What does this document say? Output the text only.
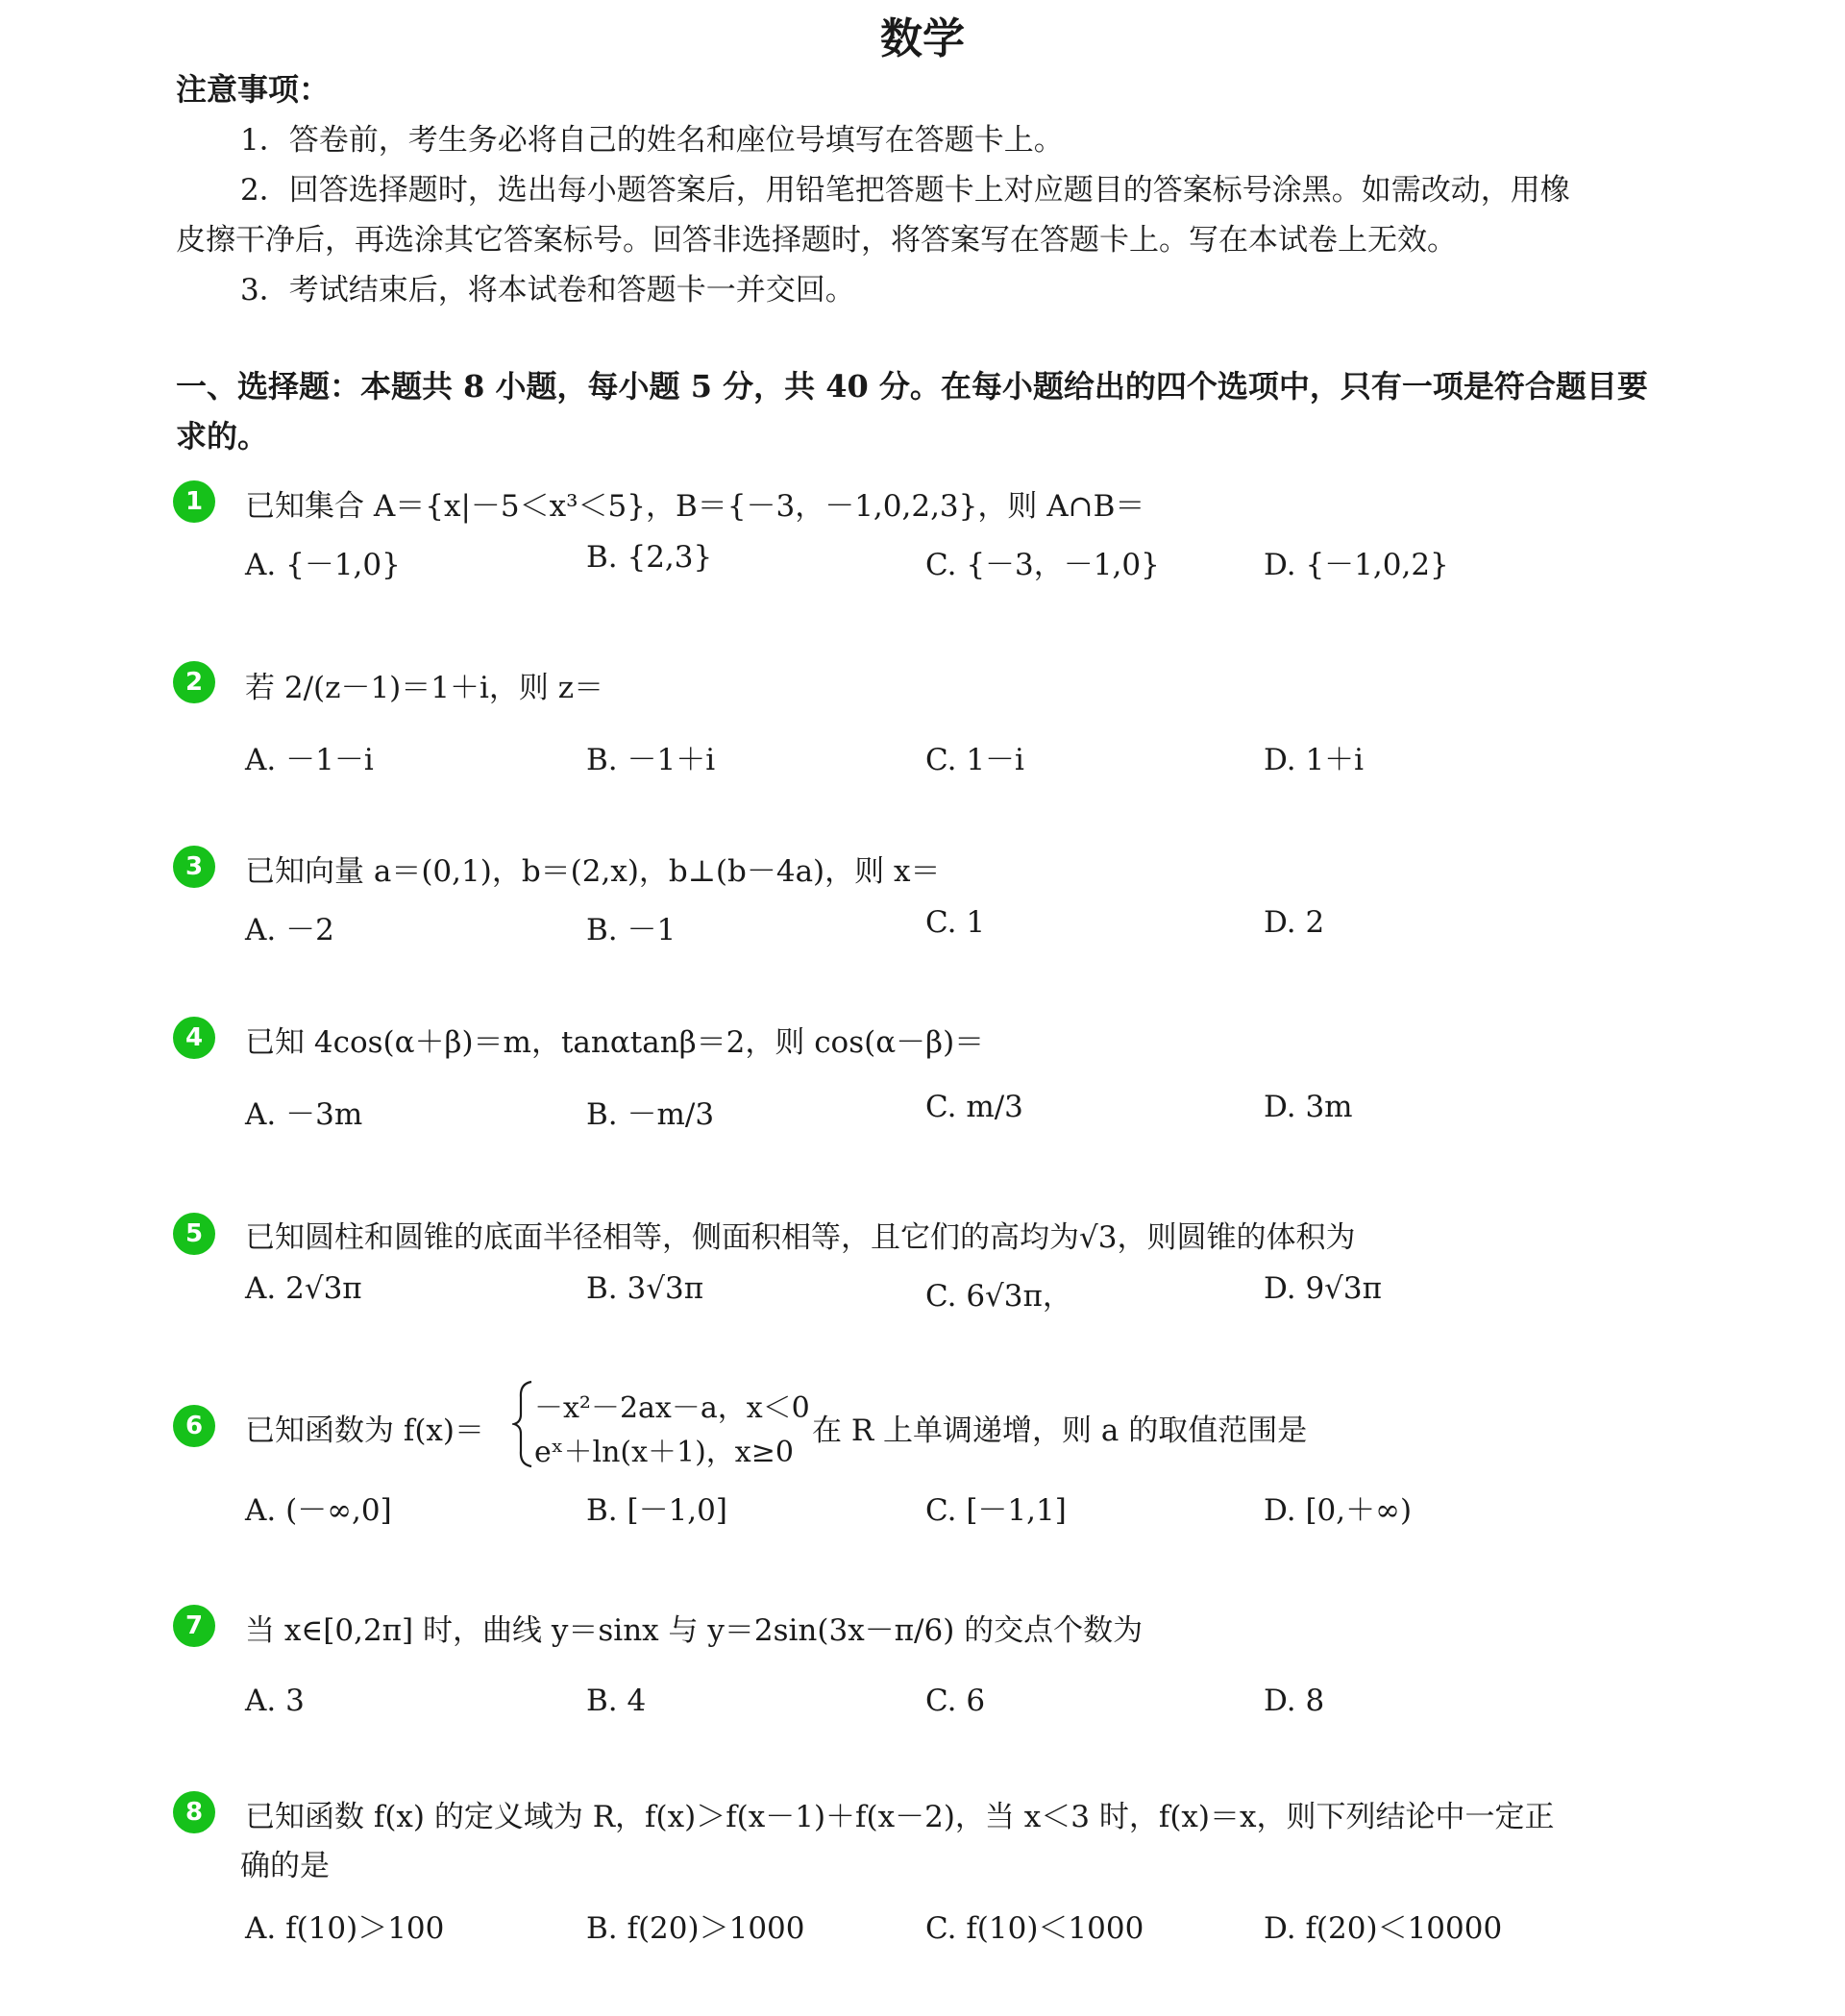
数学
注意事项：
1．答卷前，考生务必将自己的姓名和座位号填写在答题卡上。
2．回答选择题时，选出每小题答案后，用铅笔把答题卡上对应题目的答案标号涂黑。如需改动，用橡
皮擦干净后，再选涂其它答案标号。回答非选择题时，将答案写在答题卡上。写在本试卷上无效。
3．考试结束后，将本试卷和答题卡一并交回。
一、选择题：本题共 8 小题，每小题 5 分，共 40 分。在每小题给出的四个选项中，只有一项是符合题目要求的。
1	已知集合 A＝{x|－5＜x³＜5}，B＝{－3，－1,0,2,3}，则 A∩B＝
A. {－1,0}	B. {2,3}	C. {－3，－1,0}	D. {－1,0,2}
2	若 2/(z－1)＝1＋i，则 z＝
A. －1－i	B. －1＋i	C. 1－i	D. 1＋i
3	已知向量 a＝(0,1)，b＝(2,x)，b⊥(b－4a)，则 x＝
A. －2	B. －1	C. 1	D. 2
4	已知 4cos(α＋β)＝m，tanαtanβ＝2，则 cos(α－β)＝
A. －3m	B. －m/3	C. m/3	D. 3m
5	已知圆柱和圆锥的底面半径相等，侧面积相等，且它们的高均为√3，则圆锥的体积为
A. 2√3π	B. 3√3π	C. 6√3π，	D. 9√3π
6	已知函数为 f(x)＝
－x²－2ax－a，x＜0
eˣ＋ln(x＋1)，x≥0
在 R 上单调递增，则 a 的取值范围是
A. (－∞,0]	B. [－1,0]	C. [－1,1]	D. [0,＋∞)
7	当 x∈[0,2π] 时，曲线 y＝sinx 与 y＝2sin(3x－π/6) 的交点个数为
A. 3	B. 4	C. 6	D. 8
8	已知函数 f(x) 的定义域为 R，f(x)＞f(x－1)＋f(x－2)，当 x＜3 时，f(x)＝x，则下列结论中一定正
确的是
A. f(10)＞100	B. f(20)＞1000	C. f(10)＜1000	D. f(20)＜10000
